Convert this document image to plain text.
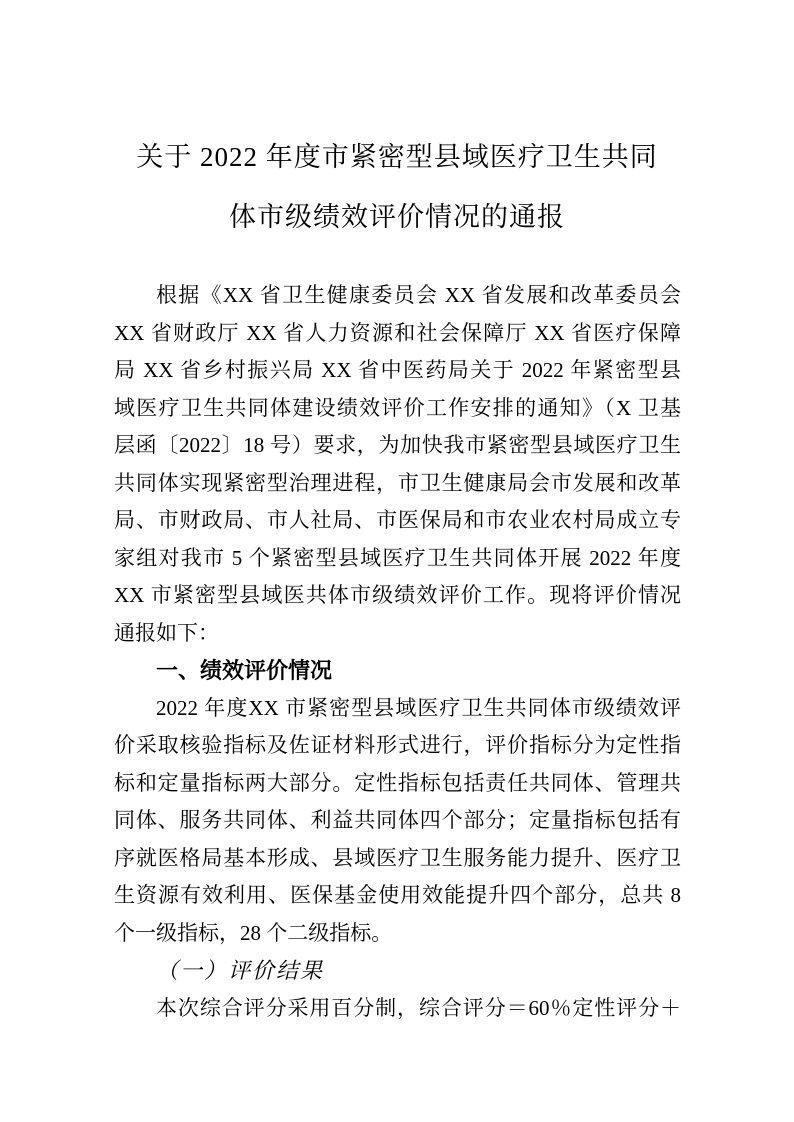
关于 2022 年度市紧密型县域医疗卫生共同
体市级绩效评价情况的通报
根据《XX 省卫生健康委员会 XX 省发展和改革委员会
XX 省财政厅 XX 省人力资源和社会保障厅 XX 省医疗保障
局 XX 省乡村振兴局 XX 省中医药局关于 2022 年紧密型县
域医疗卫生共同体建设绩效评价工作安排的通知》（X 卫基
层函〔2022〕18 号）要求，为加快我市紧密型县域医疗卫生
共同体实现紧密型治理进程，市卫生健康局会市发展和改革
局、市财政局、市人社局、市医保局和市农业农村局成立专
家组对我市 5 个紧密型县域医疗卫生共同体开展 2022 年度
XX 市紧密型县域医共体市级绩效评价工作。现将评价情况
通报如下：
一、绩效评价情况
2022 年度XX 市紧密型县域医疗卫生共同体市级绩效评
价采取核验指标及佐证材料形式进行，评价指标分为定性指
标和定量指标两大部分。定性指标包括责任共同体、管理共
同体、服务共同体、利益共同体四个部分；定量指标包括有
序就医格局基本形成、县域医疗卫生服务能力提升、医疗卫
生资源有效利用、医保基金使用效能提升四个部分，总共 8
个一级指标，28 个二级指标。
（一）评价结果
本次综合评分采用百分制，综合评分＝60％定性评分＋
